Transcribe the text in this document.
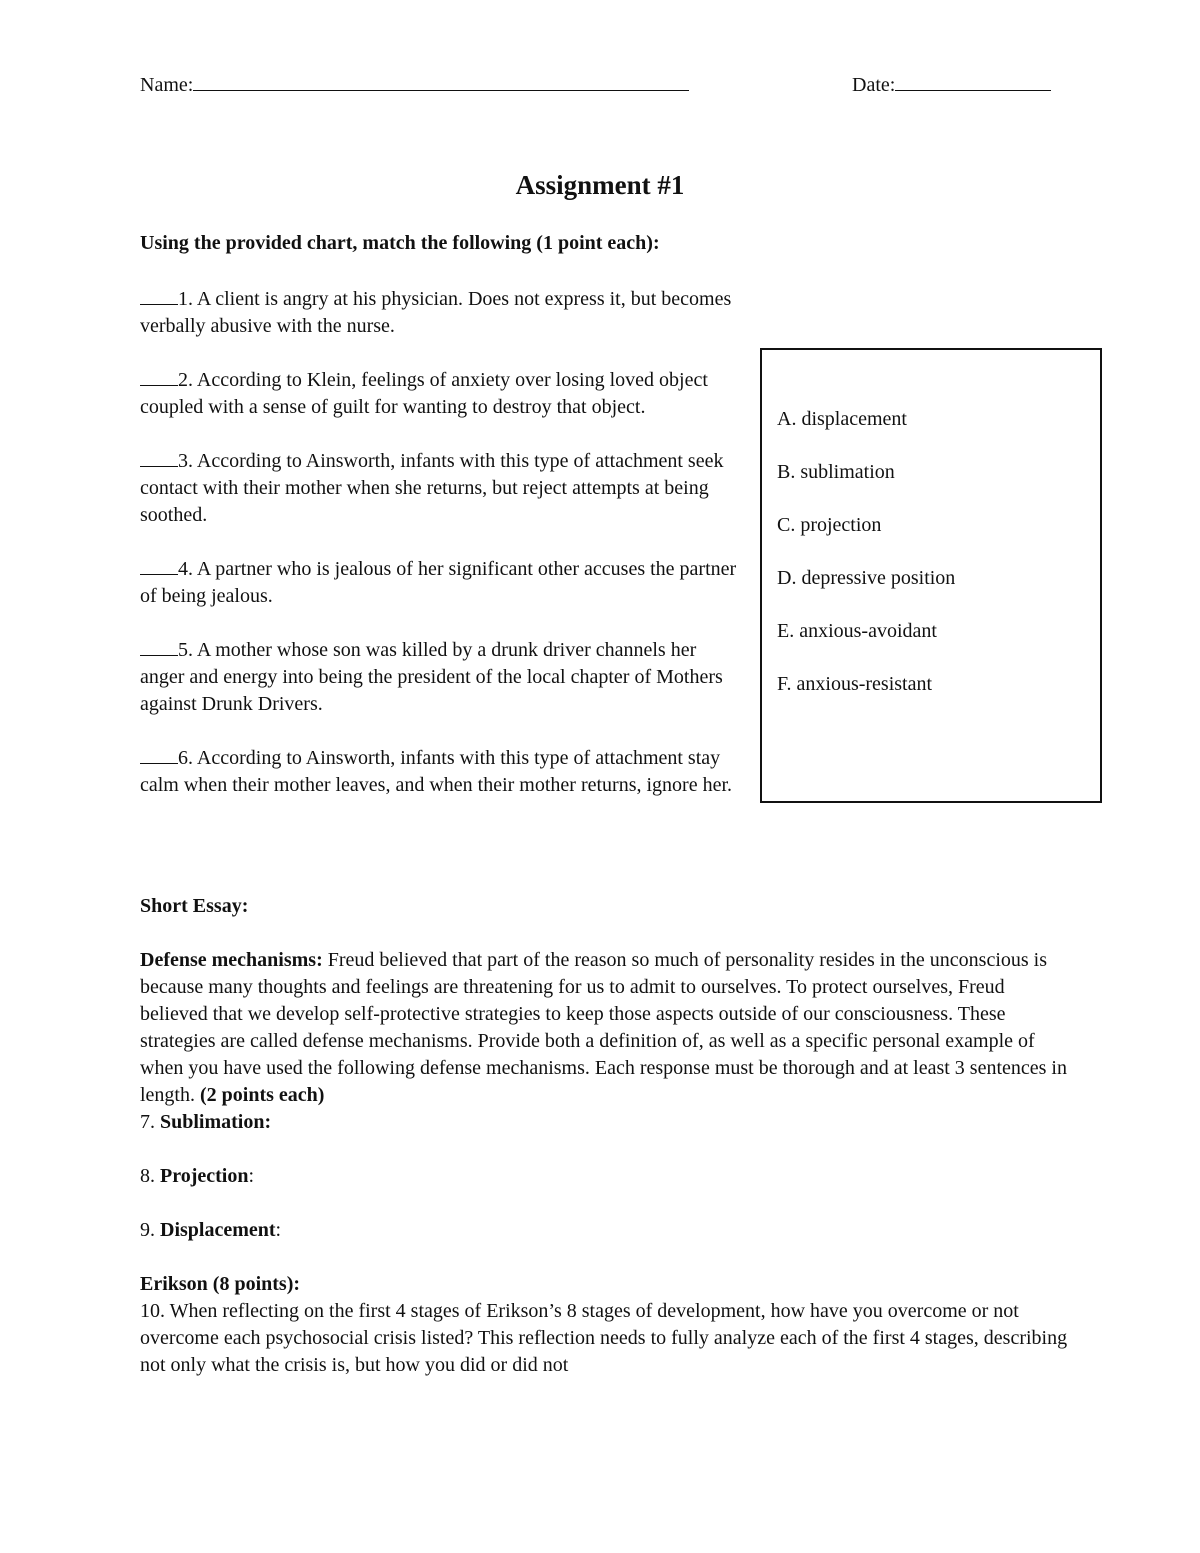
Name:	Date:
Assignment #1
Using the provided chart, match the following (1 point each):
1. A client is angry at his physician. Does not express it, but becomes verbally abusive with the nurse.
2. According to Klein, feelings of anxiety over losing loved object coupled with a sense of guilt for wanting to destroy that object.
3. According to Ainsworth, infants with this type of attachment seek contact with their mother when she returns, but reject attempts at being soothed.
4. A partner who is jealous of her significant other accuses the partner of being jealous.
5. A mother whose son was killed by a drunk driver channels her anger and energy into being the president of the local chapter of Mothers against Drunk Drivers.
6. According to Ainsworth, infants with this type of attachment stay calm when their mother leaves, and when their mother returns, ignore her.
A. displacement
B. sublimation
C. projection
D. depressive position
E. anxious-avoidant
F. anxious-resistant

Short Essay:

Defense mechanisms: Freud believed that part of the reason so much of personality resides in the unconscious is because many thoughts and feelings are threatening for us to admit to ourselves. To protect ourselves, Freud believed that we develop self-protective strategies to keep those aspects outside of our consciousness. These strategies are called defense mechanisms. Provide both a definition of, as well as a specific personal example of when you have used the following defense mechanisms. Each response must be thorough and at least 3 sentences in length. (2 points each)

7. Sublimation:

8. Projection:

9. Displacement:

Erikson (8 points):

10. When reflecting on the first 4 stages of Erikson’s 8 stages of development, how have you overcome or not overcome each psychosocial crisis listed? This reflection needs to fully analyze each of the first 4 stages, describing not only what the crisis is, but how you did or did not
